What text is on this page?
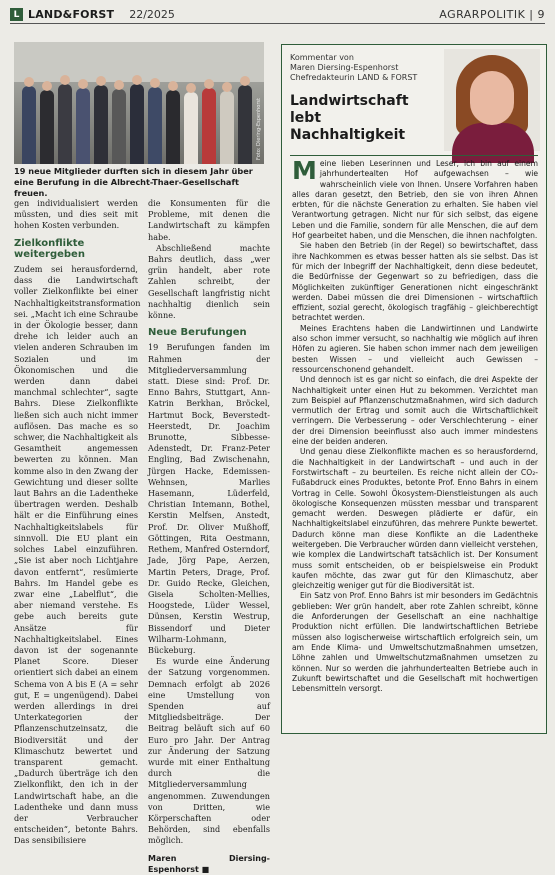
L LAND&FORST 22/2025	AGRARPOLITIK | 9
Foto: Diering-Espenhorst
19 neue Mitglieder durften sich in diesem Jahr über eine Berufung in die Albrecht-Thaer-Gesellschaft freuen.

gen individualisiert werden müssten, und dies seit mit hohen Kosten verbunden.

Zielkonflikte weitergeben

Zudem sei herausfordernd, dass die Landwirtschaft voller Zielkonflikte bei einer Nachhaltigkeitstransformation sei. „Macht ich eine Schraube in der Ökologie besser, dann drehe ich leider auch an vielen anderen Schrauben im Sozialen und im Ökonomischen und die werden dann dabei manchmal schlechter“, sagte Bahrs. Diese Zielkonflikte ließen sich auch nicht immer auflösen. Das mache es so schwer, die Nachhaltigkeit als Gesamtheit angemessen bewerten zu können. Man komme also in den Zwang der Gewichtung und dieser sollte laut Bahrs an die Ladentheke übertragen werden. Deshalb hält er die Einführung eines Nachhaltigkeitslabels für sinnvoll. Die EU plant ein solches Label einzuführen. „Sie ist aber noch Lichtjahre davon entfernt“, resümierte Bahrs. Im Handel gebe es zwar eine „Labelflut“, die aber niemand verstehe. Es gebe auch bereits gute Ansätze für Nachhaltigkeitslabel. Eines davon ist der sogenannte Planet Score. Dieser orientiert sich dabei an einem Schema von A bis E (A = sehr gut, E = ungenügend). Dabei werden allerdings in drei Unterkategorien der Pflanzenschutzeinsatz, die Biodiversität und der Klimaschutz bewertet und transparent gemacht. „Dadurch überträge ich den Zielkonflikt, den ich in der Landwirtschaft habe, an die Ladentheke und dann muss der Verbraucher entscheiden“, betonte Bahrs. Das sensibilisiere

die Konsumenten für die Probleme, mit denen die Landwirtschaft zu kämpfen habe.

Abschließend machte Bahrs deutlich, dass „wer grün handelt, aber rote Zahlen schreibt, der Gesellschaft langfristig nicht nachhaltig dienlich sein könne.

Neue Berufungen

19 Berufungen fanden im Rahmen der Mitgliederversammlung statt. Diese sind: Prof. Dr. Enno Bahrs, Stuttgart, Ann-Katrin Berkhan, Bröckel, Hartmut Bock, Beverstedt-Heerstedt, Dr. Joachim Brunotte, Sibbesse-Adenstedt, Dr. Franz-Peter Engling, Bad Zwischenahn, Jürgen Hacke, Edemissen-Wehnsen, Marlies Hasemann, Lüderfeld, Christian Intemann, Bothel, Kerstin Melfsen, Anstedt, Prof. Dr. Oliver Mußhoff, Göttingen, Rita Oestmann, Rethem, Manfred Osterndorf, Jade, Jörg Pape, Aerzen, Martin Peters, Drage, Prof. Dr. Guido Recke, Gleichen, Gisela Scholten-Mellies, Hoogstede, Lüder Wessel, Dünsen, Kerstin Westrup, Bissendorf und Dieter Wilharm-Lohmann, Bückeburg.

Es wurde eine Änderung der Satzung vorgenommen. Demnach erfolgt ab 2026 eine Umstellung von Spenden auf Mitgliedsbeiträge. Der Beitrag beläuft sich auf 60 Euro pro Jahr. Der Antrag zur Änderung der Satzung wurde mit einer Enthaltung durch die Mitgliederversammlung angenommen. Zuwendungen von Dritten, wie Körperschaften oder Behörden, sind ebenfalls möglich.

Maren Diersing-Espenhorst ■
Kommentar von
Maren Diersing-Espenhorst
Chefredakteurin LAND & FORST
Landwirtschaft lebt Nachhaltigkeit

Meine lieben Leserinnen und Leser, ich bin auf einem jahrhundertealten Hof aufgewachsen – wie wahrscheinlich viele von Ihnen. Unsere Vorfahren haben alles daran gesetzt, den Betrieb, den sie von ihren Ahnen erbten, für die nächste Generation zu erhalten. Sie haben viel Verantwortung getragen. Nicht nur für sich selbst, das eigene Leben und die Familie, sondern für alle Menschen, die auf dem Hof gearbeitet haben, und die Menschen, die ihnen nachfolgten.

Sie haben den Betrieb (in der Regel) so bewirtschaftet, dass ihre Nachkommen es etwas besser hatten als sie selbst. Das ist für mich der Inbegriff der Nachhaltigkeit, denn diese bedeutet, die Bedürfnisse der Gegenwart so zu befriedigen, dass die Möglichkeiten zukünftiger Generationen nicht eingeschränkt werden. Dabei müssen die drei Dimensionen – wirtschaftlich effizient, sozial gerecht, ökologisch tragfähig – gleichberechtigt betrachtet werden.

Meines Erachtens haben die Landwirtinnen und Landwirte also schon immer versucht, so nachhaltig wie möglich auf ihren Höfen zu agieren. Sie haben schon immer nach dem jeweiligen besten Wissen – und vielleicht auch Gewissen – ressourcenschonend gehandelt.

Und dennoch ist es gar nicht so einfach, die drei Aspekte der Nachhaltigkeit unter einen Hut zu bekommen. Verzichtet man zum Beispiel auf Pflanzenschutzmaßnahmen, wird sich dadurch vermutlich der Ertrag und somit auch die Wirtschaftlichkeit verringern. Die Verbesserung – oder Verschlechterung – einer der drei Dimension beeinflusst also auch immer mindestens eine der beiden anderen.

Und genau diese Zielkonflikte machen es so herausfordernd, die Nachhaltigkeit in der Landwirtschaft – und auch in der Forstwirtschaft – zu beurteilen. Es reiche nicht allein der CO₂-Fußabdruck eines Produktes, betonte Prof. Enno Bahrs in einem Vortrag in Celle. Sowohl Ökosystem-Dienstleistungen als auch ökologische Konsequenzen müssten messbar und transparent gemacht werden. Deswegen plädierte er dafür, ein Nachhaltigkeitslabel einzuführen, das mehrere Punkte bewertet. Dadurch könne man diese Konflikte an die Ladentheke weitergeben. Die Verbraucher würden dann vielleicht verstehen, wie komplex die Landwirtschaft tatsächlich ist. Der Konsument muss somit entscheiden, ob er beispielsweise ein Produkt kaufen möchte, das zwar gut für den Klimaschutz, aber gleichzeitig weniger gut für die Biodiversität ist.

Ein Satz von Prof. Enno Bahrs ist mir besonders im Gedächtnis geblieben: Wer grün handelt, aber rote Zahlen schreibt, könne die Anforderungen der Gesellschaft an eine nachhaltige Produktion nicht erfüllen. Die landwirtschaftlichen Betriebe müssen also logischerweise wirtschaftlich erfolgreich sein, um am Ende Klima- und Umweltschutzmaßnahmen umsetzen, Löhne zahlen und Umweltschutzmaßnahmen umsetzen zu können. Nur so werden die jahrhundertealten Betriebe auch in Zukunft bewirtschaftet und die Gesellschaft mit hochwertigen Lebensmitteln versorgt.
